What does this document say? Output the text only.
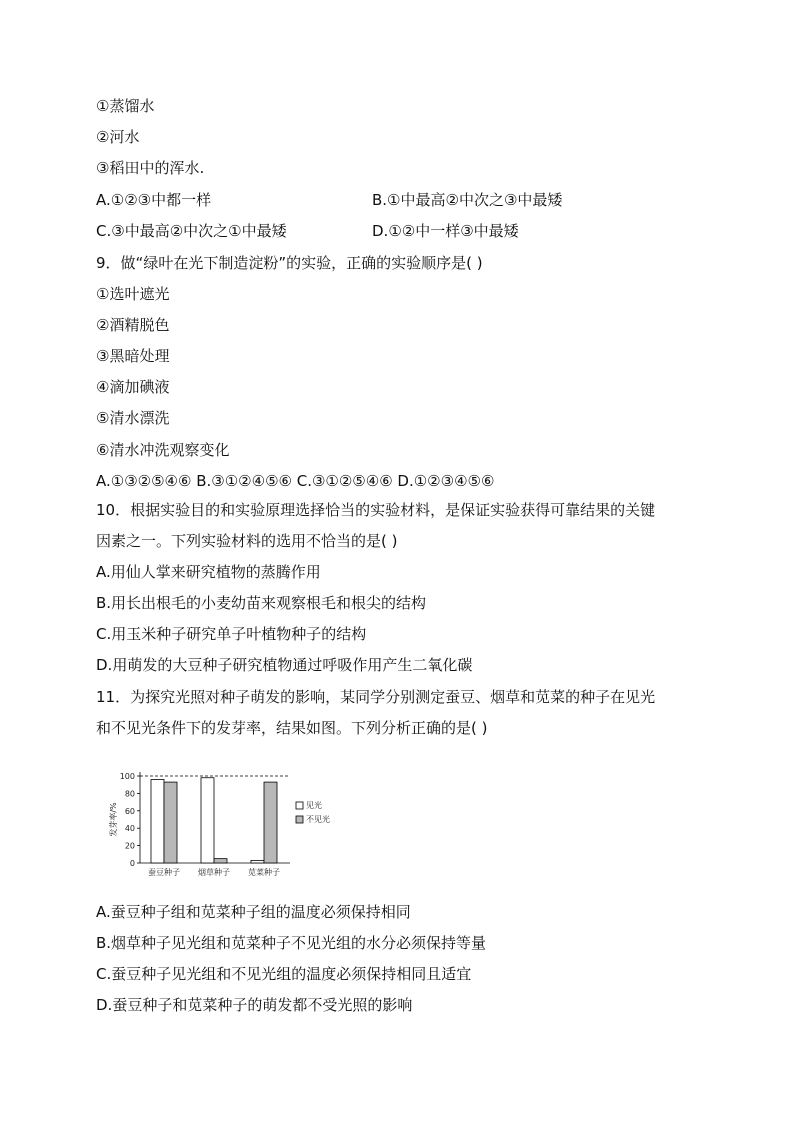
①蒸馏水
②河水
③稻田中的浑水.
A.①②③中都一样	B.①中最高②中次之③中最矮
C.③中最高②中次之①中最矮	D.①②中一样③中最矮
9．做“绿叶在光下制造淀粉”的实验，正确的实验顺序是( )
①选叶遮光
②酒精脱色
③黑暗处理
④滴加碘液
⑤清水漂洗
⑥清水冲洗观察变化
A.①③②⑤④⑥ B.③①②④⑤⑥ C.③①②⑤④⑥ D.①②③④⑤⑥
10．根据实验目的和实验原理选择恰当的实验材料，是保证实验获得可靠结果的关键
因素之一。下列实验材料的选用不恰当的是( )
A.用仙人掌来研究植物的蒸腾作用
B.用长出根毛的小麦幼苗来观察根毛和根尖的结构
C.用玉米种子研究单子叶植物种子的结构
D.用萌发的大豆种子研究植物通过呼吸作用产生二氧化碳
11．为探究光照对种子萌发的影响，某同学分别测定蚕豆、烟草和苋菜的种子在见光
和不见光条件下的发芽率，结果如图。下列分析正确的是( )
0
20
40
60
80
100
发芽率/%
蚕豆种子 烟草种子 苋菜种子
见光
不见光
A.蚕豆种子组和苋菜种子组的温度必须保持相同
B.烟草种子见光组和苋菜种子不见光组的水分必须保持等量
C.蚕豆种子见光组和不见光组的温度必须保持相同且适宜
D.蚕豆种子和苋菜种子的萌发都不受光照的影响
